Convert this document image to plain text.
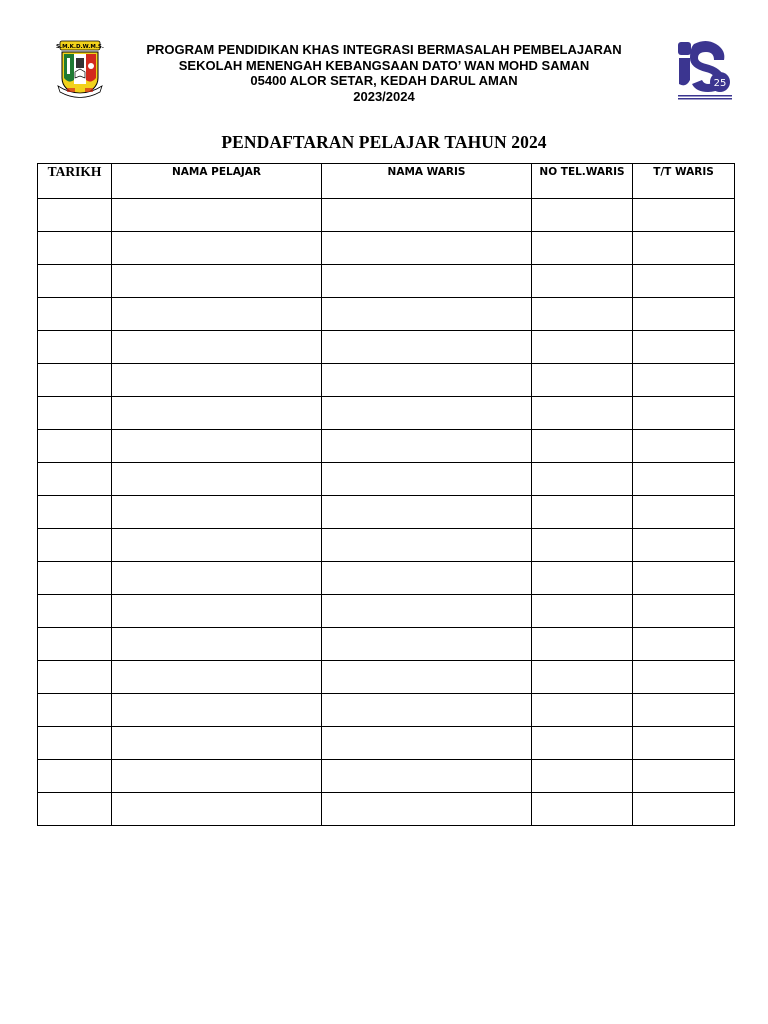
S.M.K.D.W.M.S.	PROGRAM PENDIDIKAN KHAS INTEGRASI BERMASALAH PEMBELAJARAN
SEKOLAH MENENGAH KEBANGSAAN DATO’ WAN MOHD SAMAN
05400 ALOR SETAR, KEDAH DARUL AMAN
2023/2024
25
PENDAFTARAN PELAJAR TAHUN 2024
TARIKH	NAMA PELAJAR	NAMA WARIS	NO TEL.WARIS	T/T WARIS
